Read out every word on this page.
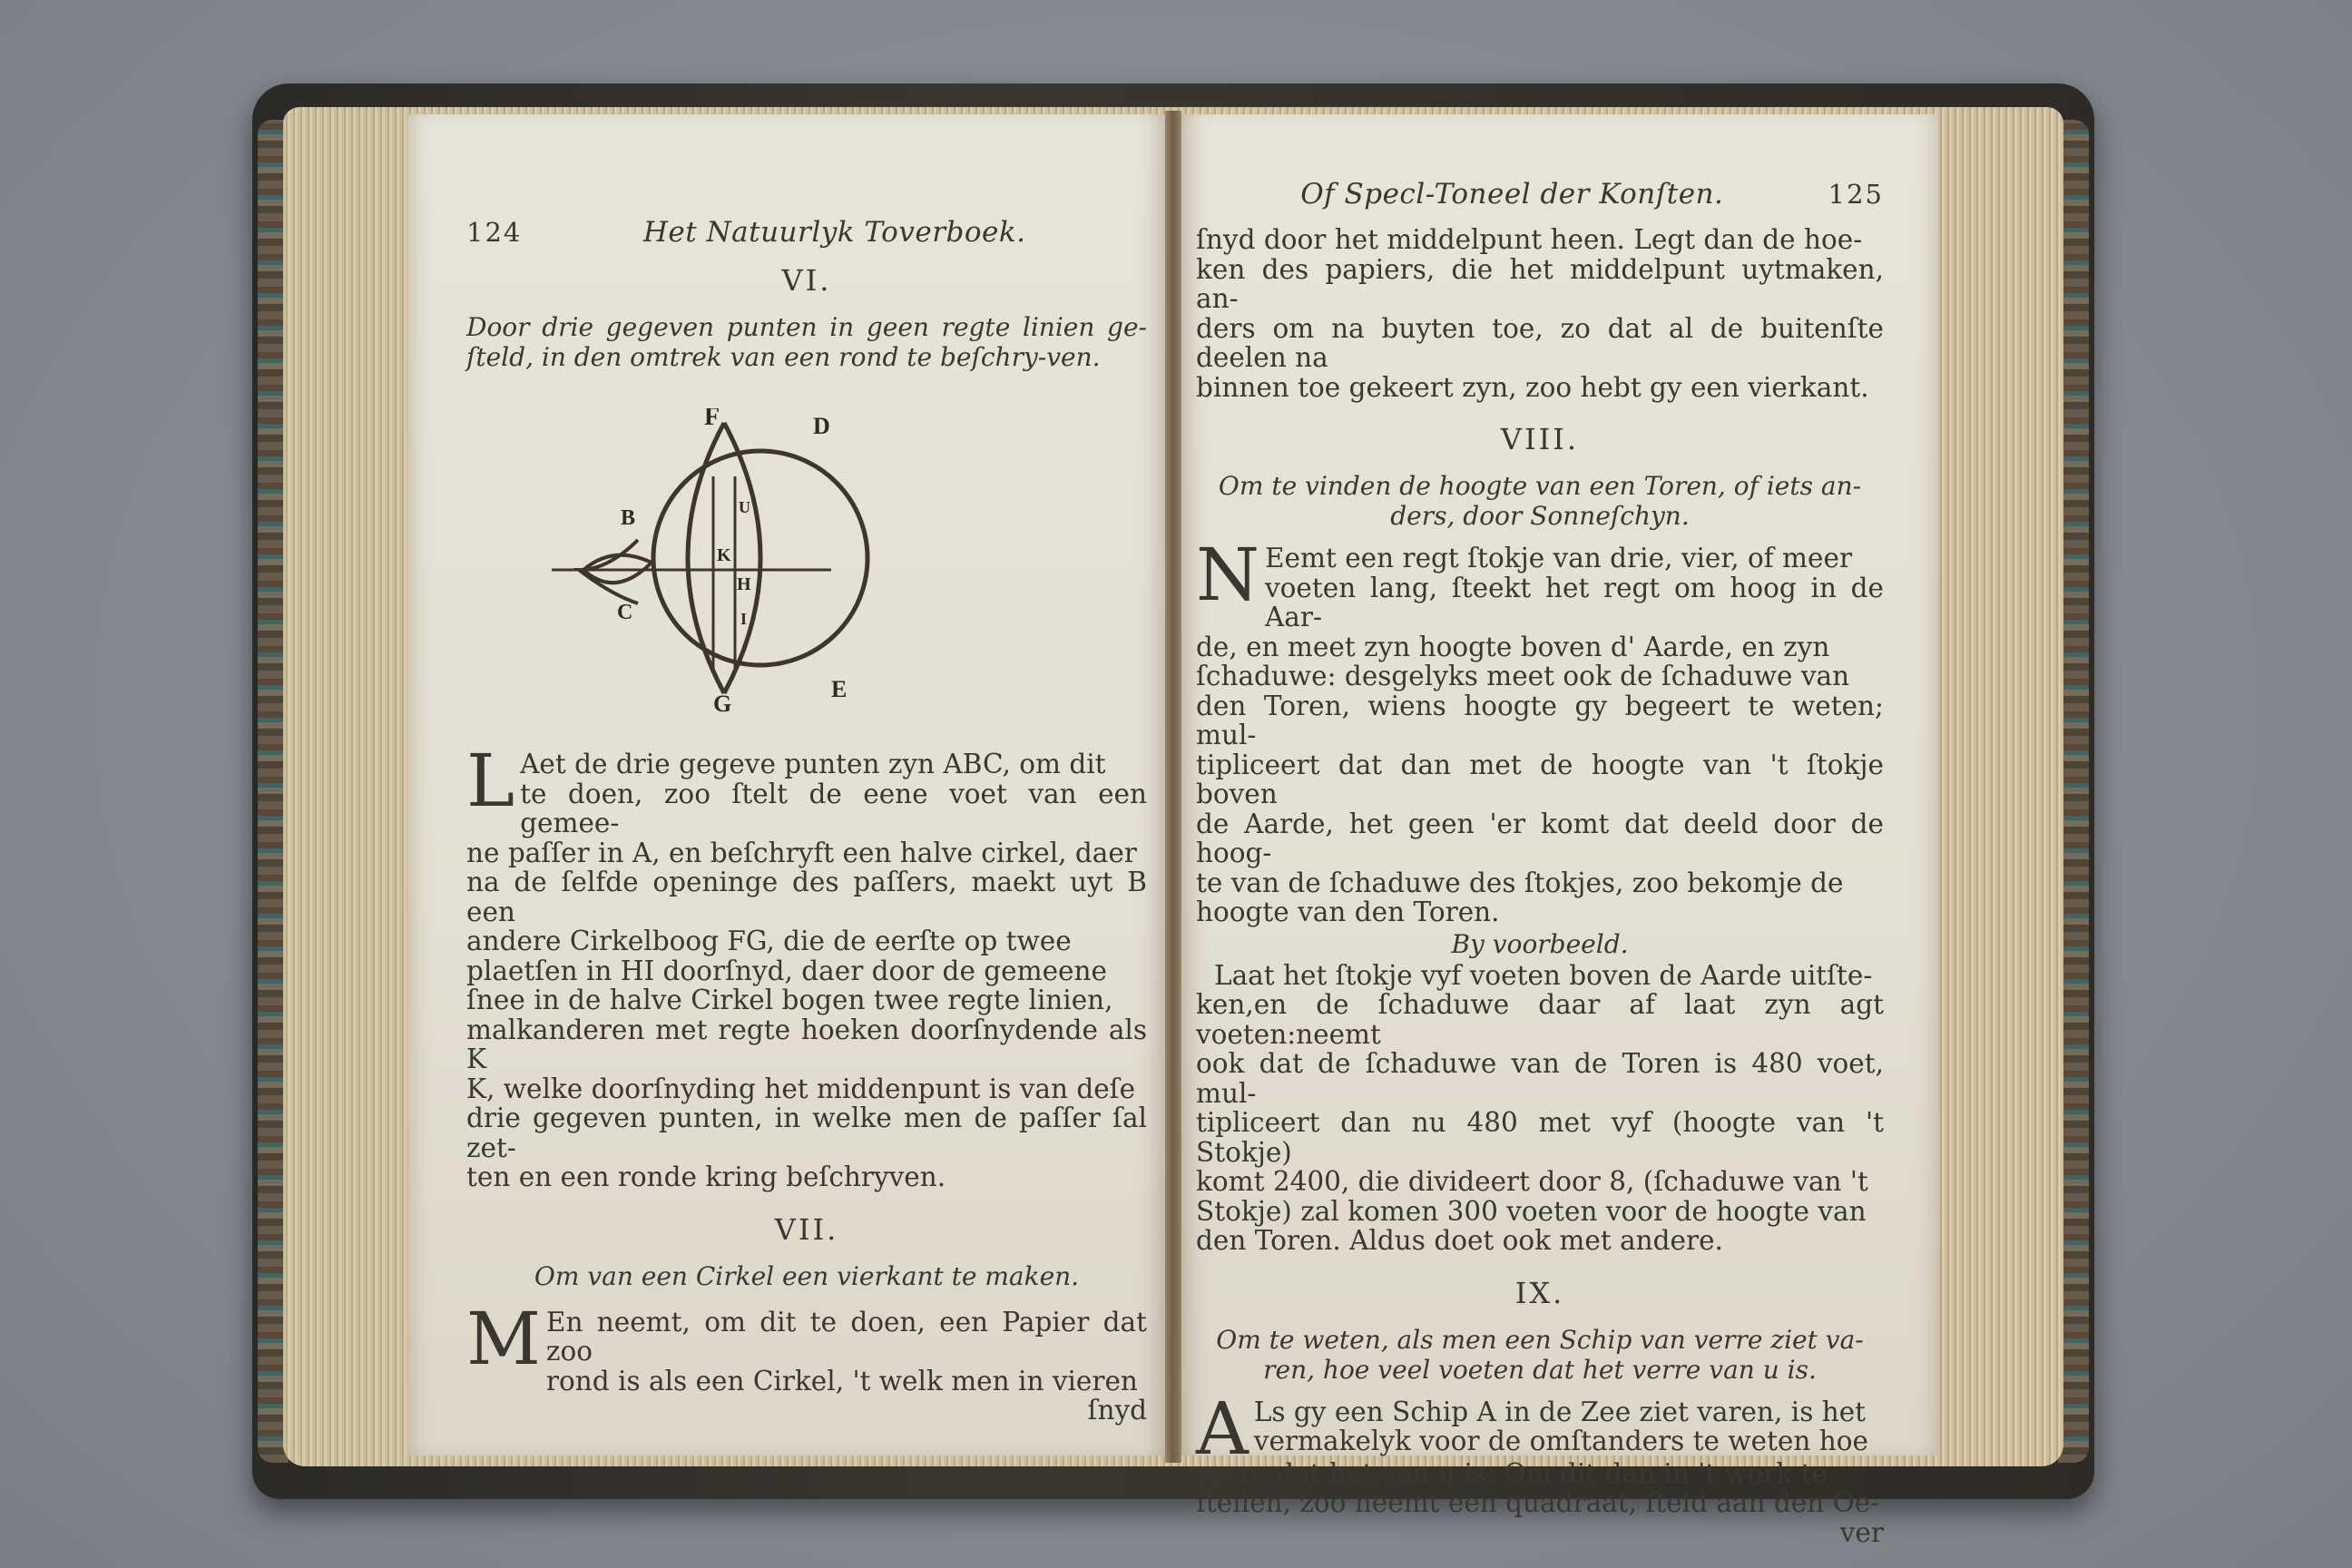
124	Het Natuurlyk Toverboek.
VI.

Door drie gegeven punten in geen regte linien ge-ſteld, in den omtrek van een rond te beſchry-ven.

F	D
B
C
K
U
H
I
G
E
L Aet de drie gegeve punten zyn ABC, om dit

te doen, zoo ſtelt de eene voet van een gemee-

ne paſſer in A, en beſchryft een halve cirkel, daer

na de ſelfde openinge des paſſers, maekt uyt B een

andere Cirkelboog FG, die de eerſte op twee

plaetſen in HI doorſnyd, daer door de gemeene

ſnee in de halve Cirkel bogen twee regte linien,

malkanderen met regte hoeken doorſnydende als K

K, welke doorſnyding het middenpunt is van deſe

drie gegeven punten, in welke men de paſſer ſal zet-

ten en een ronde kring beſchryven.

VII.

Om van een Cirkel een vierkant te maken.

M En neemt, om dit te doen, een Papier dat zoo

rond is als een Cirkel, 't welk men in vieren

ſnyd

Of Specl-Toneel der Konſten.	125

ſnyd door het middelpunt heen. Legt dan de hoe-

ken des papiers, die het middelpunt uytmaken, an-

ders om na buyten toe, zo dat al de buitenſte deelen na

binnen toe gekeert zyn, zoo hebt gy een vierkant.

VIII.

Om te vinden de hoogte van een Toren, of iets an-ders, door Sonneſchyn.

N Eemt een regt ſtokje van drie, vier, of meer

voeten lang, ſteekt het regt om hoog in de Aar-

de, en meet zyn hoogte boven d' Aarde, en zyn

ſchaduwe: desgelyks meet ook de ſchaduwe van

den Toren, wiens hoogte gy begeert te weten; mul-

tipliceert dat dan met de hoogte van 't ſtokje boven

de Aarde, het geen 'er komt dat deeld door de hoog-

te van de ſchaduwe des ſtokjes, zoo bekomje de

hoogte van den Toren.

By voorbeeld.

Laat het ſtokje vyf voeten boven de Aarde uitſte-

ken,en de ſchaduwe daar af laat zyn agt voeten:neemt

ook dat de ſchaduwe van de Toren is 480 voet, mul-

tipliceert dan nu 480 met vyf (hoogte van 't Stokje)

komt 2400, die divideert door 8, (ſchaduwe van 't

Stokje) zal komen 300 voeten voor de hoogte van

den Toren. Aldus doet ook met andere.

IX.

Om te weten, als men een Schip van verre ziet va-ren, hoe veel voeten dat het verre van u is.

A Ls gy een Schip A in de Zee ziet varen, is het

vermakelyk voor de omſtanders te weten hoe

verre dat het van u is: Om dit dan in 't werk te

ſtellen, zoo neemt een quadraat, ſteld aan den Oe-

ver
